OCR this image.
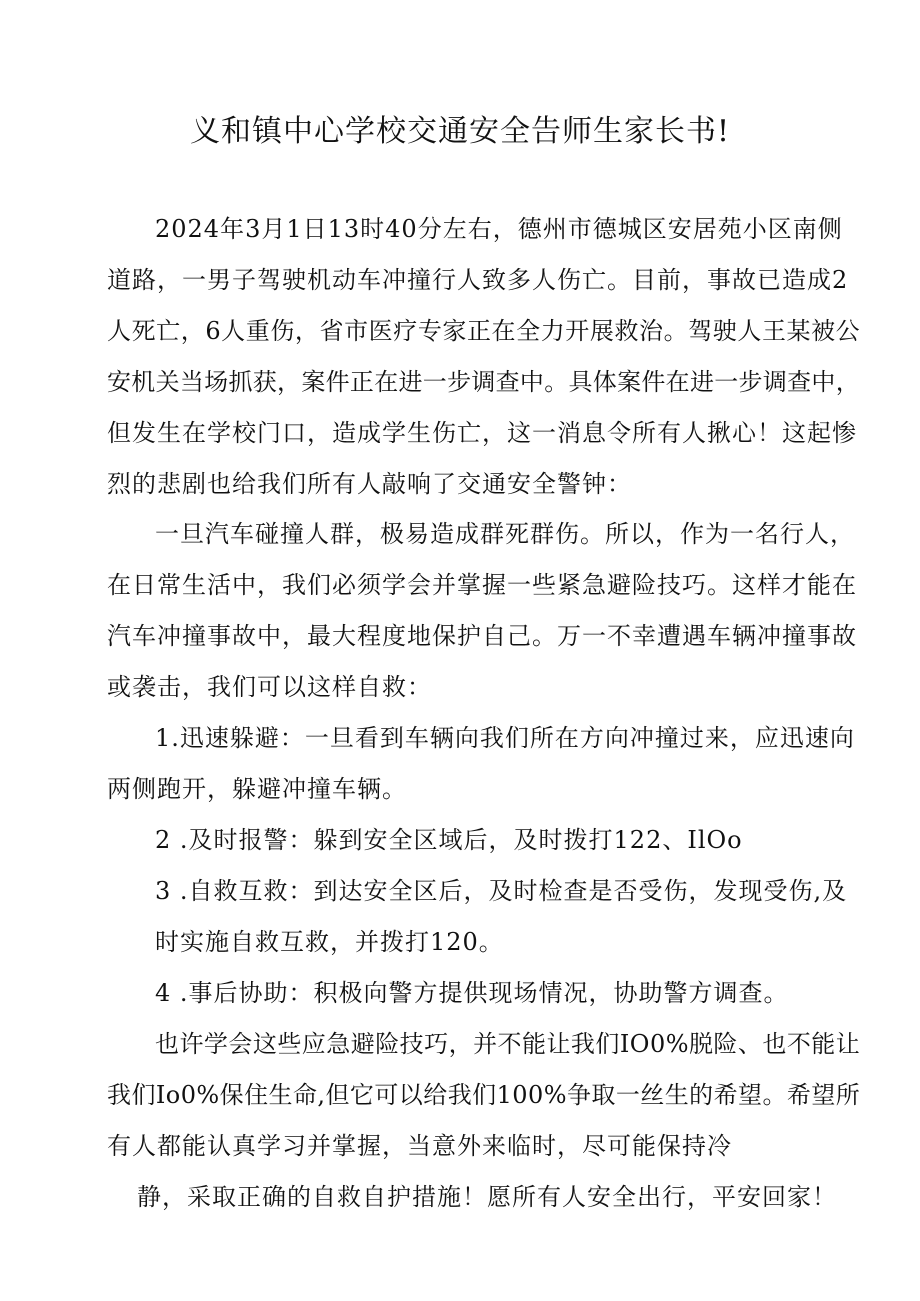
义和镇中心学校交通安全告师生家长书!
2024年3月1日13时40分左右，德州市德城区安居苑小区南侧
道路，一男子驾驶机动车冲撞行人致多人伤亡。目前，事故已造成2
人死亡，6人重伤，省市医疗专家正在全力开展救治。驾驶人王某被公
安机关当场抓获，案件正在进一步调查中。具体案件在进一步调查中，
但发生在学校门口，造成学生伤亡，这一消息令所有人揪心！这起惨
烈的悲剧也给我们所有人敲响了交通安全警钟：
一旦汽车碰撞人群，极易造成群死群伤。所以，作为一名行人，
在日常生活中，我们必须学会并掌握一些紧急避险技巧。这样才能在
汽车冲撞事故中，最大程度地保护自己。万一不幸遭遇车辆冲撞事故
或袭击，我们可以这样自救：
1.迅速躲避：一旦看到车辆向我们所在方向冲撞过来，应迅速向
两侧跑开，躲避冲撞车辆。
2 .及时报警：躲到安全区域后，及时拨打122、IlOo
3 .自救互救：到达安全区后，及时检查是否受伤，发现受伤,及
时实施自救互救，并拨打120。
4 .事后协助：积极向警方提供现场情况，协助警方调查。
也许学会这些应急避险技巧，并不能让我们IO0%脱险、也不能让
我们Io0%保住生命,但它可以给我们100%争取一丝生的希望。希望所
有人都能认真学习并掌握，当意外来临时，尽可能保持冷
静，采取正确的自救自护措施！愿所有人安全出行，平安回家！
